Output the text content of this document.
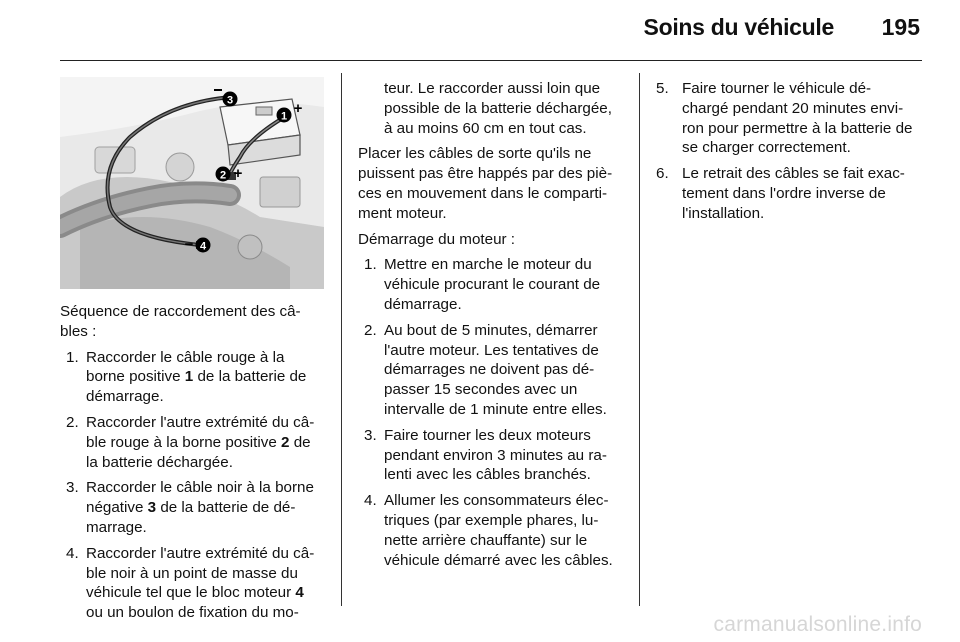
Soins du véhicule 195
3
1 +
2 +
− 4

Séquence de raccordement des câ-
bles :

1. Raccorder le câble rouge à la
borne positive 1 de la batterie de
démarrage.
2. Raccorder l'autre extrémité du câ-
ble rouge à la borne positive 2 de
la batterie déchargée.
3. Raccorder le câble noir à la borne
négative 3 de la batterie de dé-
marrage.
4. Raccorder l'autre extrémité du câ-
ble noir à un point de masse du
véhicule tel que le bloc moteur 4
ou un boulon de fixation du mo-
teur. Le raccorder aussi loin que
possible de la batterie déchargée,
à au moins 60 cm en tout cas.

Placer les câbles de sorte qu'ils ne
puissent pas être happés par des piè-
ces en mouvement dans le comparti-
ment moteur.

Démarrage du moteur :

1. Mettre en marche le moteur du
véhicule procurant le courant de
démarrage.
2. Au bout de 5 minutes, démarrer
l'autre moteur. Les tentatives de
démarrages ne doivent pas dé-
passer 15 secondes avec un
intervalle de 1 minute entre elles.
3. Faire tourner les deux moteurs
pendant environ 3 minutes au ra-
lenti avec les câbles branchés.
4. Allumer les consommateurs élec-
triques (par exemple phares, lu-
nette arrière chauffante) sur le
véhicule démarré avec les câbles.
5. Faire tourner le véhicule dé-
chargé pendant 20 minutes envi-
ron pour permettre à la batterie de
se charger correctement.
6. Le retrait des câbles se fait exac-
tement dans l'ordre inverse de
l'installation.
carmanualsonline.info
